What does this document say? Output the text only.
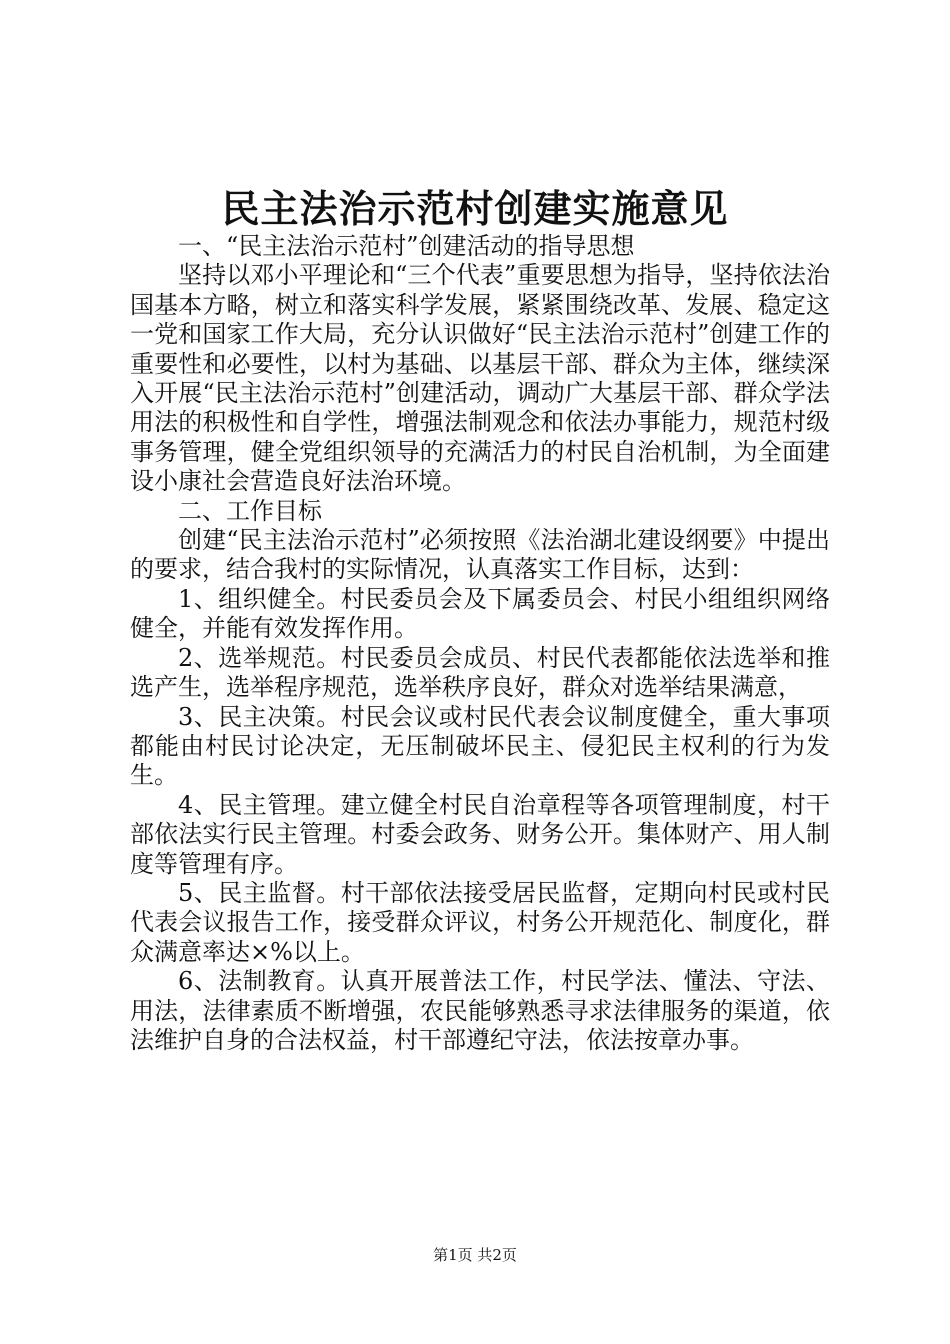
民主法治示范村创建实施意见

一、“民主法治示范村”创建活动的指导思想

坚持以邓小平理论和“三个代表”重要思想为指导，坚持依法治国基本方略，树立和落实科学发展，紧紧围绕改革、发展、稳定这一党和国家工作大局，充分认识做好“民主法治示范村”创建工作的重要性和必要性，以村为基础、以基层干部、群众为主体，继续深入开展“民主法治示范村”创建活动，调动广大基层干部、群众学法用法的积极性和自学性，增强法制观念和依法办事能力，规范村级事务管理，健全党组织领导的充满活力的村民自治机制，为全面建设小康社会营造良好法治环境。

二、工作目标

创建“民主法治示范村”必须按照《法治湖北建设纲要》中提出的要求，结合我村的实际情况，认真落实工作目标，达到：

1、组织健全。村民委员会及下属委员会、村民小组组织网络健全，并能有效发挥作用。

2、选举规范。村民委员会成员、村民代表都能依法选举和推选产生，选举程序规范，选举秩序良好，群众对选举结果满意，

3、民主决策。村民会议或村民代表会议制度健全，重大事项都能由村民讨论决定，无压制破坏民主、侵犯民主权利的行为发生。

4、民主管理。建立健全村民自治章程等各项管理制度，村干部依法实行民主管理。村委会政务、财务公开。集体财产、用人制度等管理有序。

5、民主监督。村干部依法接受居民监督，定期向村民或村民代表会议报告工作，接受群众评议，村务公开规范化、制度化，群众满意率达×%以上。

6、法制教育。认真开展普法工作，村民学法、懂法、守法、用法，法律素质不断增强，农民能够熟悉寻求法律服务的渠道，依法维护自身的合法权益，村干部遵纪守法，依法按章办事。

第1页 共2页
